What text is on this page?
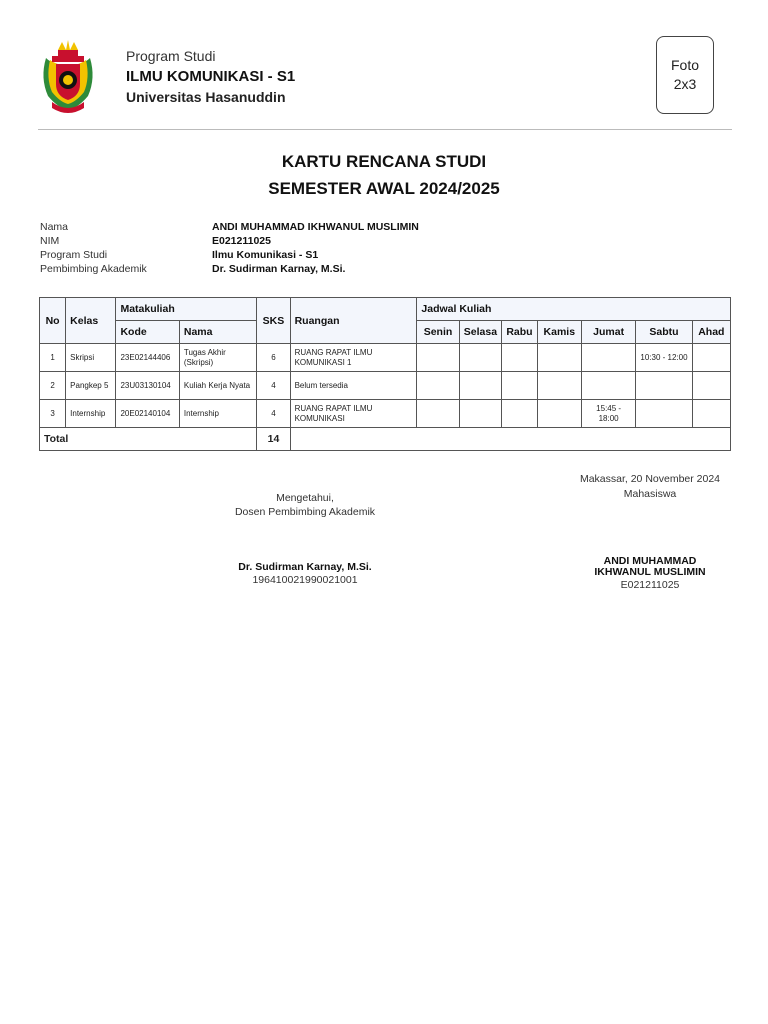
Program Studi
ILMU KOMUNIKASI - S1
Universitas Hasanuddin
Foto
2x3
KARTU RENCANA STUDI
SEMESTER AWAL 2024/2025
Nama	ANDI MUHAMMAD IKHWANUL MUSLIMIN
NIM	E021211025
Program Studi	Ilmu Komunikasi - S1
Pembimbing Akademik	Dr. Sudirman Karnay, M.Si.
No	Kelas	Matakuliah		SKS	Ruangan	Jadwal Kuliah						
		Kode	Nama			Senin	Selasa	Rabu	Kamis	Jumat	Sabtu	Ahad
1	Skripsi	23E02144406	Tugas Akhir (Skripsi)	6	RUANG RAPAT ILMU KOMUNIKASI 1						10:30 - 12:00	
2	Pangkep 5	23U03130104	Kuliah Kerja Nyata	4	Belum tersedia							
3	Internship	20E02140104	Internship	4	RUANG RAPAT ILMU KOMUNIKASI					15:45 - 18:00		
Total				14								
Makassar, 20 November 2024
Mahasiswa
Mengetahui,
Dosen Pembimbing Akademik
Dr. Sudirman Karnay, M.Si.
196410021990021001
ANDI MUHAMMAD
IKHWANUL MUSLIMIN
E021211025
